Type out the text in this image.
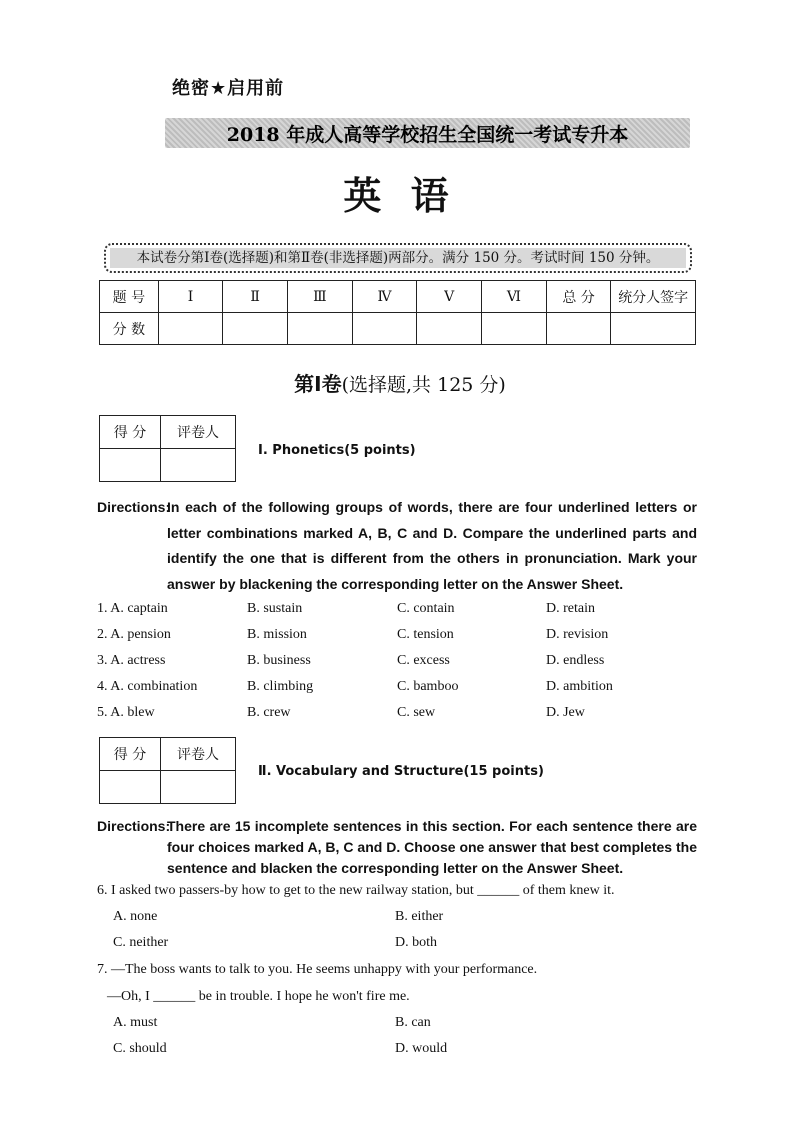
绝密★启用前
2018 年成人高等学校招生全国统一考试专升本
英 语
本试卷分第Ⅰ卷(选择题)和第Ⅱ卷(非选择题)两部分。满分 150 分。考试时间 150 分钟。
题 号	Ⅰ	Ⅱ	Ⅲ	Ⅳ	Ⅴ	Ⅵ	总 分	统分人签字
分 数								
第Ⅰ卷(选择题,共 125 分)
得 分	评卷人

Ⅰ. Phonetics(5 points)
Directions:
In each of the following groups of words, there are four underlined letters or letter combinations marked A, B, C and D. Compare the underlined parts and identify the one that is different from the others in pronunciation. Mark your answer by blackening the corresponding letter on the Answer Sheet.
1. A. captain	B. sustain	C. contain	D. retain
2. A. pension	B. mission	C. tension	D. revision
3. A. actress	B. business	C. excess	D. endless
4. A. combination	B. climbing	C. bamboo	D. ambition
5. A. blew	B. crew	C. sew	D. Jew
得 分	评卷人

Ⅱ. Vocabulary and Structure(15 points)
Directions:
There are 15 incomplete sentences in this section. For each sentence there are four choices marked A, B, C and D. Choose one answer that best completes the sentence and blacken the corresponding letter on the Answer Sheet.
6. I asked two passers-by how to get to the new railway station, but ______ of them knew it.
A. none	B. either
C. neither	D. both
7. —The boss wants to talk to you. He seems unhappy with your performance.
—Oh, I ______ be in trouble. I hope he won't fire me.
A. must	B. can
C. should	D. would
